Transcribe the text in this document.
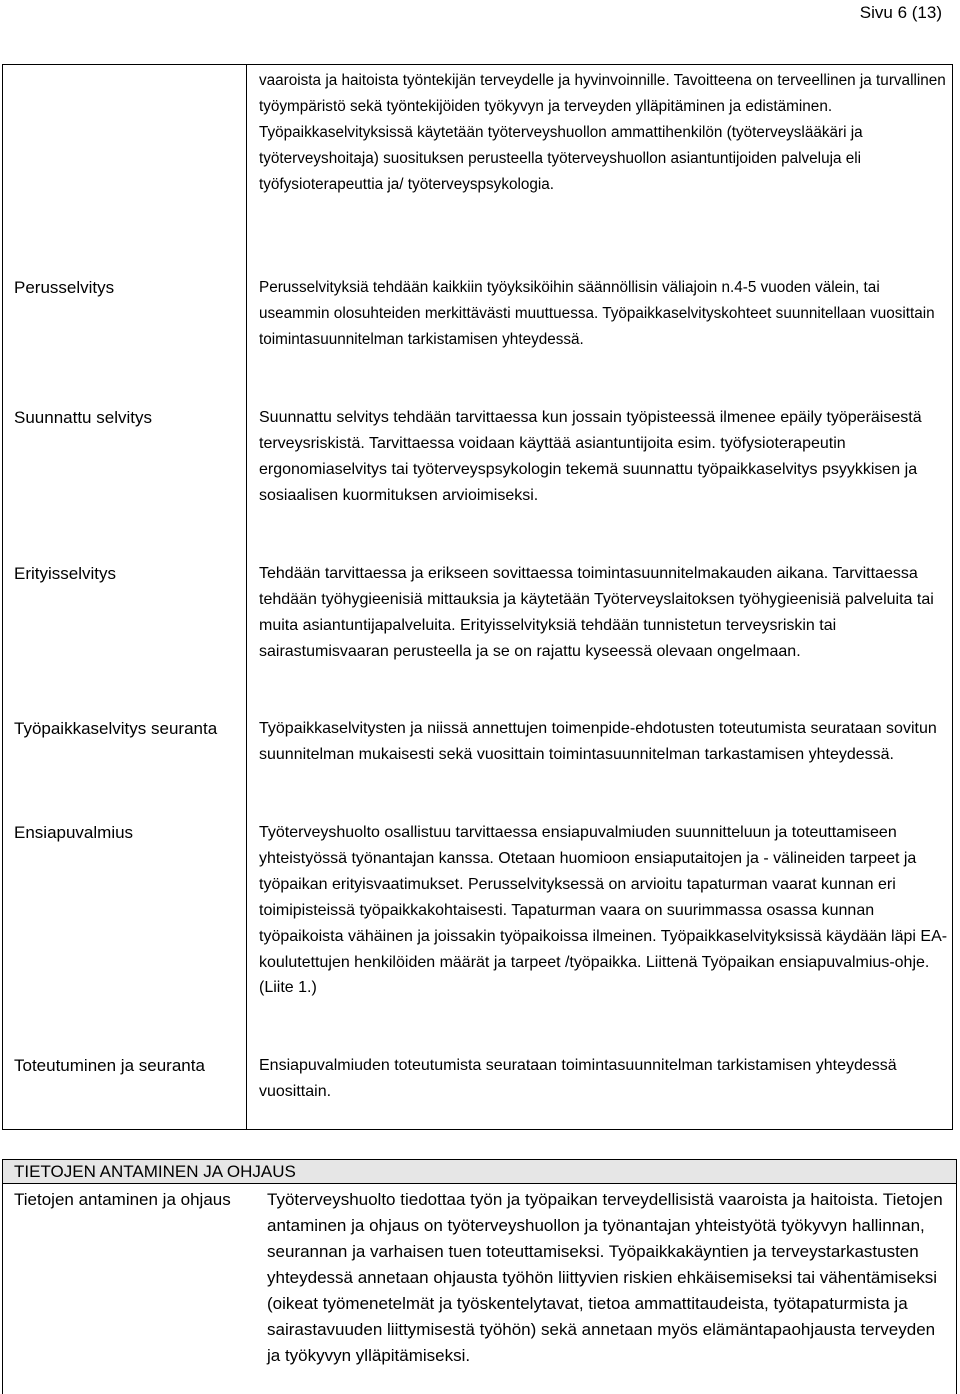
Sivu 6 (13)
Perusselvitys
Suunnattu selvitys
Erityisselvitys
Työpaikkaselvitys seuranta
Ensiapuvalmius
Toteutuminen ja seuranta
vaaroista ja haitoista työntekijän terveydelle ja hyvinvoinnille. Tavoitteena on terveellinen ja turvallinen työympäristö sekä työntekijöiden työkyvyn ja terveyden ylläpitäminen ja edistäminen. Työpaikkaselvityksissä käytetään työterveyshuollon ammattihenkilön (työterveyslääkäri ja työterveyshoitaja) suosituksen perusteella työterveyshuollon asiantuntijoiden palveluja eli työfysioterapeuttia ja/ työterveyspsykologia.
Perusselvityksiä tehdään kaikkiin työyksiköihin säännöllisin väliajoin n.4-5 vuoden välein, tai useammin olosuhteiden merkittävästi muuttuessa. Työpaikkaselvityskohteet suunnitellaan vuosittain toimintasuunnitelman tarkistamisen yhteydessä.
Suunnattu selvitys tehdään tarvittaessa kun jossain työpisteessä ilmenee epäily työperäisestä terveysriskistä. Tarvittaessa voidaan käyttää asiantuntijoita esim. työfysioterapeutin ergonomiaselvitys tai työterveyspsykologin tekemä suunnattu työpaikkaselvitys psyykkisen ja sosiaalisen kuormituksen arvioimiseksi.
Tehdään tarvittaessa ja erikseen sovittaessa toimintasuunnitelmakauden aikana. Tarvittaessa tehdään työhygieenisiä mittauksia ja käytetään Työterveyslaitoksen työhygieenisiä palveluita tai muita asiantuntijapalveluita. Erityisselvityksiä tehdään tunnistetun terveysriskin tai sairastumisvaaran perusteella ja se on rajattu kyseessä olevaan ongelmaan.
Työpaikkaselvitysten ja niissä annettujen toimenpide-ehdotusten toteutumista seurataan sovitun suunnitelman mukaisesti sekä vuosittain toimintasuunnitelman tarkastamisen yhteydessä.
Työterveyshuolto osallistuu tarvittaessa ensiapuvalmiuden suunnitteluun ja toteuttamiseen yhteistyössä työnantajan kanssa. Otetaan huomioon ensiaputaitojen ja - välineiden tarpeet ja työpaikan erityisvaatimukset. Perusselvityksessä on arvioitu tapaturman vaarat kunnan eri toimipisteissä työpaikkakohtaisesti. Tapaturman vaara on suurimmassa osassa kunnan työpaikoista vähäinen ja joissakin työpaikoissa ilmeinen. Työpaikkaselvityksissä käydään läpi EA-koulutettujen henkilöiden määrät ja tarpeet /työpaikka. Liittenä Työpaikan ensiapuvalmius-ohje.(Liite 1.)
Ensiapuvalmiuden toteutumista seurataan toimintasuunnitelman tarkistamisen yhteydessä vuosittain.
TIETOJEN ANTAMINEN JA OHJAUS
Tietojen antaminen ja ohjaus	Työterveyshuolto tiedottaa työn ja työpaikan terveydellisistä vaaroista ja haitoista. Tietojen antaminen ja ohjaus on työterveyshuollon ja työnantajan yhteistyötä työkyvyn hallinnan, seurannan ja varhaisen tuen toteuttamiseksi. Työpaikkakäyntien ja terveystarkastusten yhteydessä annetaan ohjausta työhön liittyvien riskien ehkäisemiseksi tai vähentämiseksi (oikeat työmenetelmät ja työskentelytavat, tietoa ammattitaudeista, työtapaturmista ja sairastavuuden liittymisestä työhön) sekä annetaan myös elämäntapaohjausta terveyden ja työkyvyn ylläpitämiseksi.
